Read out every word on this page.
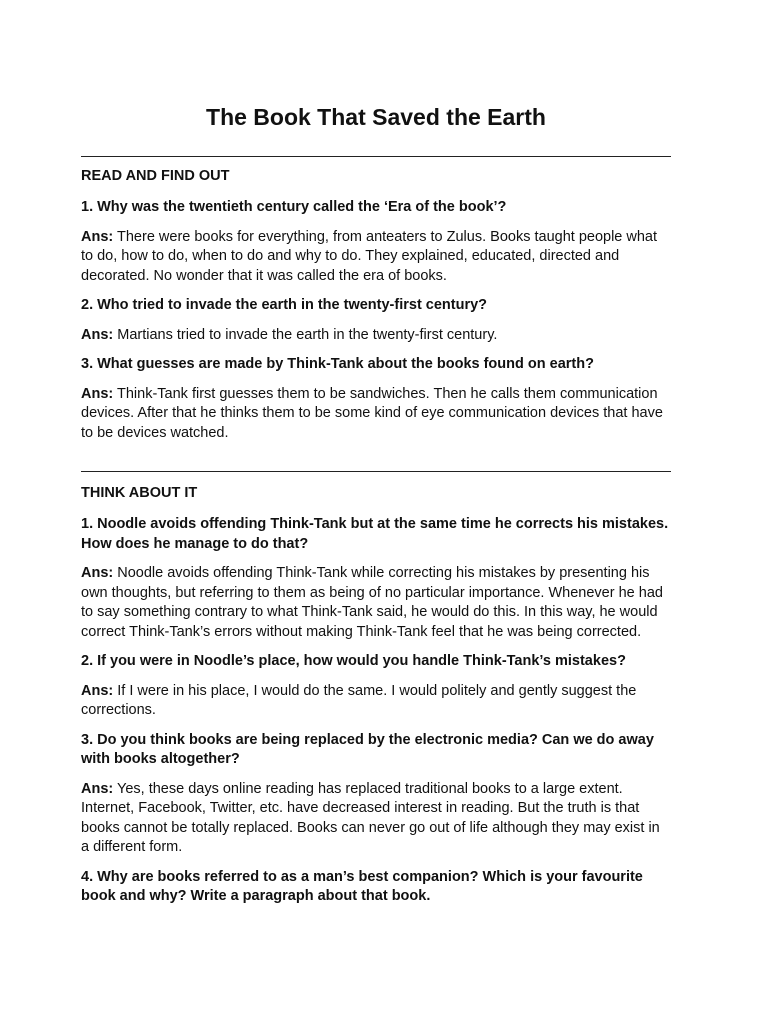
The Book That Saved the Earth

READ AND FIND OUT

1. Why was the twentieth century called the ‘Era of the book’?

Ans: There were books for everything, from anteaters to Zulus. Books taught people what to do, how to do, when to do and why to do. They explained, educated, directed and decorated. No wonder that it was called the era of books.

2. Who tried to invade the earth in the twenty-first century?

Ans: Martians tried to invade the earth in the twenty-first century.

3. What guesses are made by Think-Tank about the books found on earth?

Ans: Think-Tank first guesses them to be sandwiches. Then he calls them communication devices. After that he thinks them to be some kind of eye communication devices that have to be devices watched.

THINK ABOUT IT

1. Noodle avoids offending Think-Tank but at the same time he corrects his mistakes. How does he manage to do that?

Ans: Noodle avoids offending Think-Tank while correcting his mistakes by presenting his own thoughts, but referring to them as being of no particular importance. Whenever he had to say something contrary to what Think-Tank said, he would do this. In this way, he would correct Think-Tank’s errors without making Think-Tank feel that he was being corrected.

2. If you were in Noodle’s place, how would you handle Think-Tank’s mistakes?

Ans: If I were in his place, I would do the same. I would politely and gently suggest the corrections.

3. Do you think books are being replaced by the electronic media? Can we do away with books altogether?

Ans: Yes, these days online reading has replaced traditional books to a large extent. Internet, Facebook, Twitter, etc. have decreased interest in reading. But the truth is that books cannot be totally replaced. Books can never go out of life although they may exist in a different form.

4. Why are books referred to as a man’s best companion? Which is your favourite book and why? Write a paragraph about that book.
